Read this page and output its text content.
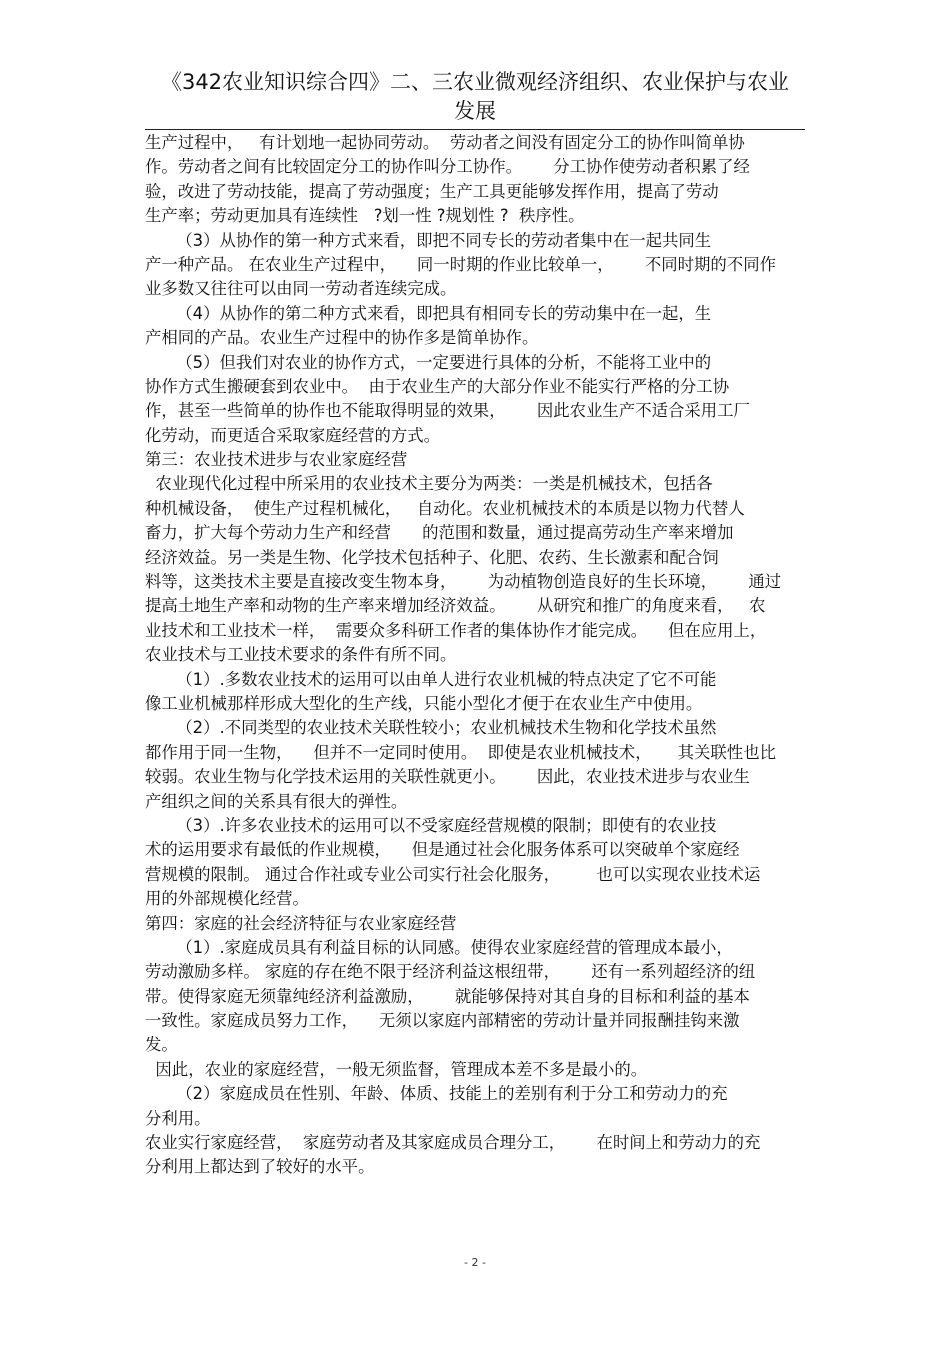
《342农业知识综合四》二、三农业微观经济组织、农业保护与农业
发展
生产过程中，   有计划地一起协同劳动。  劳动者之间没有固定分工的协作叫简单协
作。劳动者之间有比较固定分工的协作叫分工协作。      分工协作使劳动者积累了经
验，改进了劳动技能，提高了劳动强度；生产工具更能够发挥作用，提高了劳动
生产率；劳动更加具有连续性   ?划一性 ?规划性 ?  秩序性。
（3）从协作的第一种方式来看，即把不同专长的劳动者集中在一起共同生
产一种产品。 在农业生产过程中，    同一时期的作业比较单一，      不同时期的不同作
业多数又往往可以由同一劳动者连续完成。
（4）从协作的第二种方式来看，即把具有相同专长的劳动集中在一起，生
产相同的产品。农业生产过程中的协作多是简单协作。
（5）但我们对农业的协作方式，一定要进行具体的分析，不能将工业中的
协作方式生搬硬套到农业中。  由于农业生产的大部分作业不能实行严格的分工协
作，甚至一些简单的协作也不能取得明显的效果，      因此农业生产不适合采用工厂
化劳动，而更适合采取家庭经营的方式。
第三：农业技术进步与农业家庭经营
农业现代化过程中所采用的农业技术主要分为两类：一类是机械技术，包括各
种机械设备，  使生产过程机械化，   自动化。农业机械技术的本质是以物力代替人
畜力，扩大每个劳动力生产和经营      的范围和数量，通过提高劳动生产率来增加
经济效益。另一类是生物、化学技术包括种子、化肥、农药、生长激素和配合饲
料等，这类技术主要是直接改变生物本身，      为动植物创造良好的生长环境，      通过
提高土地生产率和动物的生产率来增加经济效益。      从研究和推广的角度来看，   农
业技术和工业技术一样，  需要众多科研工作者的集体协作才能完成。    但在应用上，
农业技术与工业技术要求的条件有所不同。
（1）.多数农业技术的运用可以由单人进行农业机械的特点决定了它不可能
像工业机械那样形成大型化的生产线，只能小型化才便于在农业生产中使用。
（2）.不同类型的农业技术关联性较小；农业机械技术生物和化学技术虽然
都作用于同一生物，    但并不一定同时使用。  即使是农业机械技术，     其关联性也比
较弱。农业生物与化学技术运用的关联性就更小。      因此，农业技术进步与农业生
产组织之间的关系具有很大的弹性。
（3）.许多农业技术的运用可以不受家庭经营规模的限制；即使有的农业技
术的运用要求有最低的作业规模，    但是通过社会化服务体系可以突破单个家庭经
营规模的限制。 通过合作社或专业公司实行社会化服务，       也可以实现农业技术运
用的外部规模化经营。
第四：家庭的社会经济特征与农业家庭经营
（1）.家庭成员具有利益目标的认同感。使得农业家庭经营的管理成本最小，
劳动激励多样。 家庭的存在绝不限于经济利益这根纽带，      还有一系列超经济的纽
带。使得家庭无须靠纯经济利益激励，      就能够保持对其自身的目标和利益的基本
一致性。家庭成员努力工作，    无须以家庭内部精密的劳动计量并同报酬挂钩来激
发。
因此，农业的家庭经营，一般无须监督，管理成本差不多是最小的。
（2）家庭成员在性别、年龄、体质、技能上的差别有利于分工和劳动力的充
分利用。
农业实行家庭经营，  家庭劳动者及其家庭成员合理分工，      在时间上和劳动力的充
分利用上都达到了较好的水平。
- 2 -
